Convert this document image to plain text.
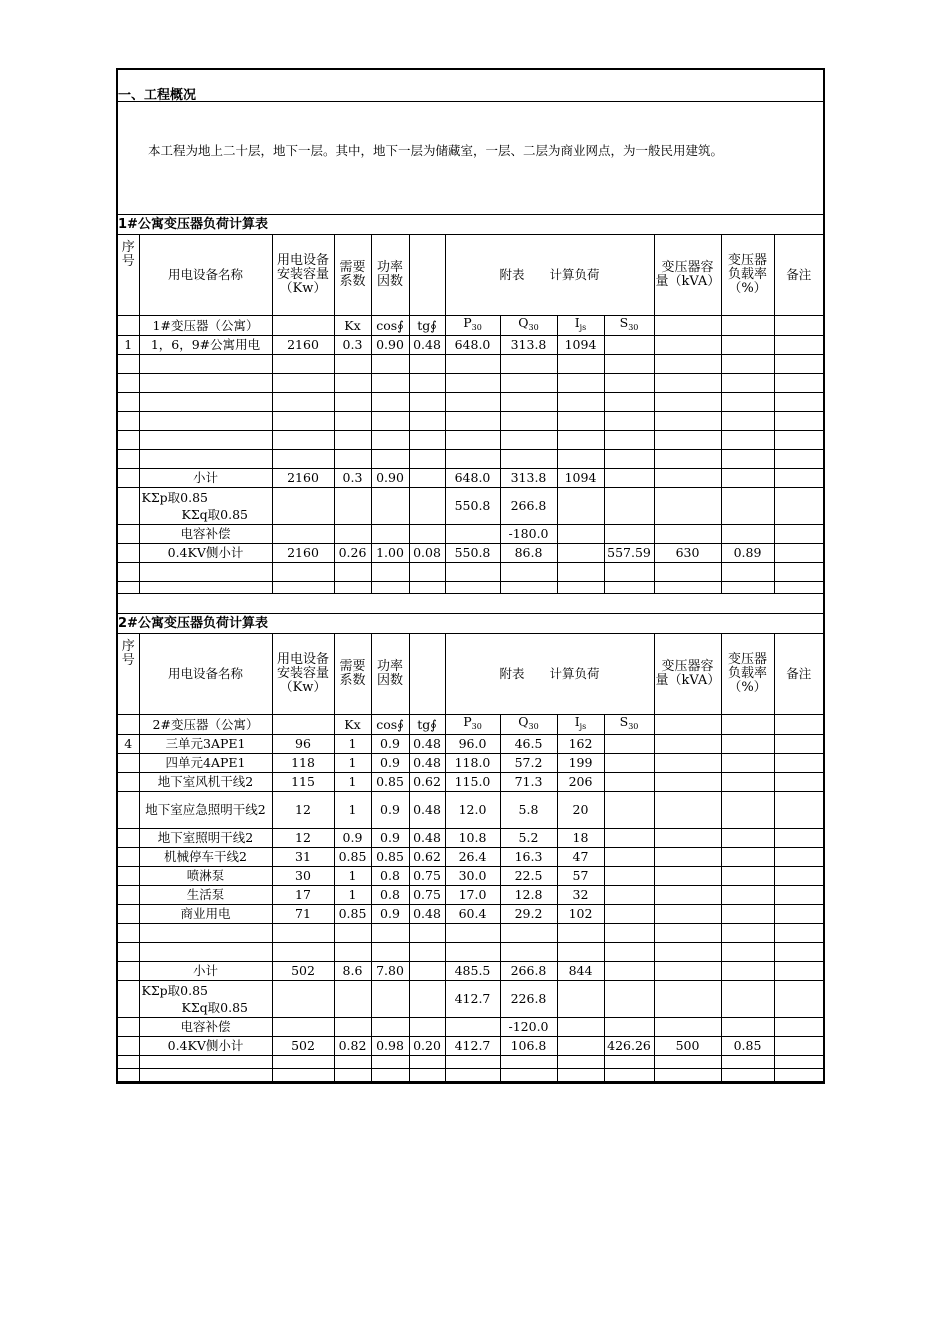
一、工程概况
本工程为地上二十层，地下一层。其中，地下一层为储藏室，一层、二层为商业网点，为一般民用建筑。
1#公寓变压器负荷计算表
序号	用电设备名称	用电设备安装容量（Kw）	需要系数	功率因数		附表　　计算负荷				变压器容量（kVA）	变压器负载率（%）	备注
	1#变压器（公寓）		Kx	cos∮	tg∮	$P_{30}$	$Q_{30}$	$I_{js}$	$S_{30}$			
1	1，6，9#公寓用电	2160	0.3	0.90	0.48	648.0	313.8	1094				

	小计	2160	0.3	0.90		648.0	313.8	1094				
	KΣp取0.85
KΣq取0.85					550.8	266.8					
	电容补偿						-180.0					
	0.4KV侧小计	2160	0.26	1.00	0.08	550.8	86.8		557.59	630	0.89	

2#公寓变压器负荷计算表
序号	用电设备名称	用电设备安装容量（Kw）	需要系数	功率因数		附表　　计算负荷				变压器容量（kVA）	变压器负载率（%）	备注
	2#变压器（公寓）		Kx	cos∮	tg∮	$P_{30}$	$Q_{30}$	$I_{js}$	$S_{30}$			
4	三单元3APE1	96	1	0.9	0.48	96.0	46.5	162				
	四单元4APE1	118	1	0.9	0.48	118.0	57.2	199				
	地下室风机干线2	115	1	0.85	0.62	115.0	71.3	206				
	地下室应急照明干线2	12	1	0.9	0.48	12.0	5.8	20				
	地下室照明干线2	12	0.9	0.9	0.48	10.8	5.2	18				
	机械停车干线2	31	0.85	0.85	0.62	26.4	16.3	47				
	喷淋泵	30	1	0.8	0.75	30.0	22.5	57				
	生活泵	17	1	0.8	0.75	17.0	12.8	32				
	商业用电	71	0.85	0.9	0.48	60.4	29.2	102				

	小计	502	8.6	7.80		485.5	266.8	844				
	KΣp取0.85
KΣq取0.85					412.7	226.8					
	电容补偿						-120.0					
	0.4KV侧小计	502	0.82	0.98	0.20	412.7	106.8		426.26	500	0.85	
